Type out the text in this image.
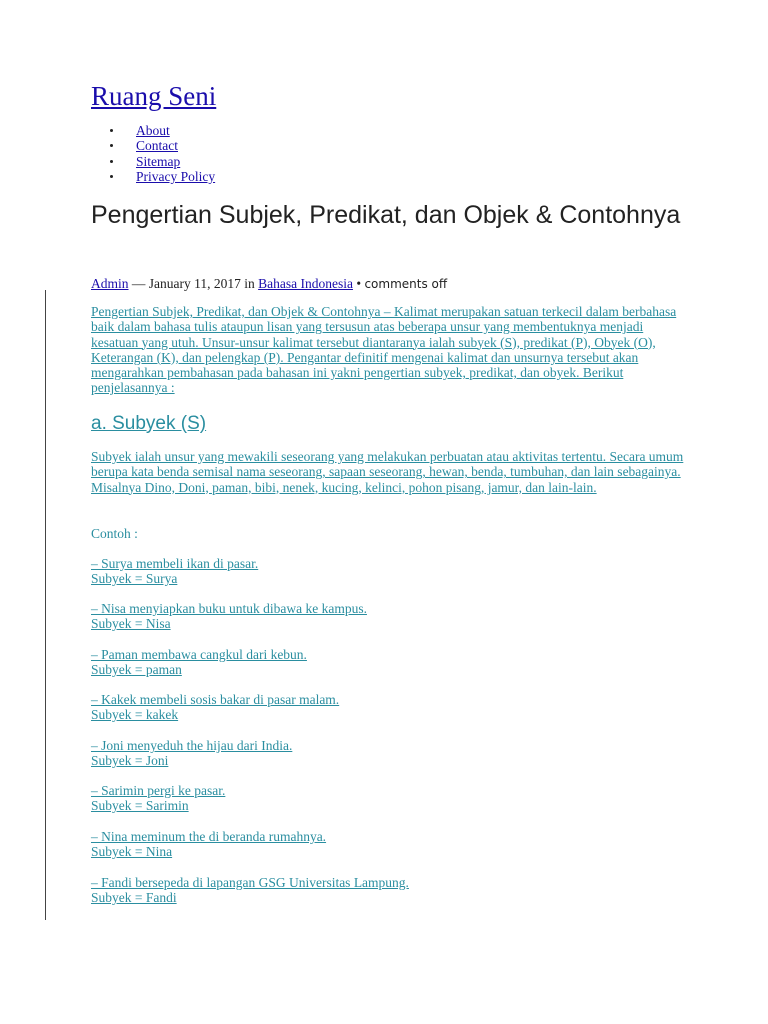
Ruang Seni
About
Contact
Sitemap
Privacy Policy
Pengertian Subjek, Predikat, dan Objek & Contohnya
Admin — January 11, 2017 in Bahasa Indonesia • comments off
Pengertian Subjek, Predikat, dan Objek & Contohnya – Kalimat merupakan satuan terkecil dalam berbahasa baik dalam bahasa tulis ataupun lisan yang tersusun atas beberapa unsur yang membentuknya menjadi kesatuan yang utuh. Unsur-unsur kalimat tersebut diantaranya ialah subyek (S), predikat (P), Obyek (O), Keterangan (K), dan pelengkap (P). Pengantar definitif mengenai kalimat dan unsurnya tersebut akan mengarahkan pembahasan pada bahasan ini yakni pengertian subyek, predikat, dan obyek. Berikut penjelasannya :
a. Subyek (S)
Subyek ialah unsur yang mewakili seseorang yang melakukan perbuatan atau aktivitas tertentu. Secara umum berupa kata benda semisal nama seseorang, sapaan seseorang, hewan, benda, tumbuhan, dan lain sebagainya. Misalnya Dino, Doni, paman, bibi, nenek, kucing, kelinci, pohon pisang, jamur, dan lain-lain.
Contoh :
– Surya membeli ikan di pasar.
Subyek = Surya
– Nisa menyiapkan buku untuk dibawa ke kampus.
Subyek = Nisa
– Paman membawa cangkul dari kebun.
Subyek = paman
– Kakek membeli sosis bakar di pasar malam.
Subyek = kakek
– Joni menyeduh the hijau dari India.
Subyek = Joni
– Sarimin pergi ke pasar.
Subyek = Sarimin
– Nina meminum the di beranda rumahnya.
Subyek = Nina
– Fandi bersepeda di lapangan GSG Universitas Lampung.
Subyek = Fandi
